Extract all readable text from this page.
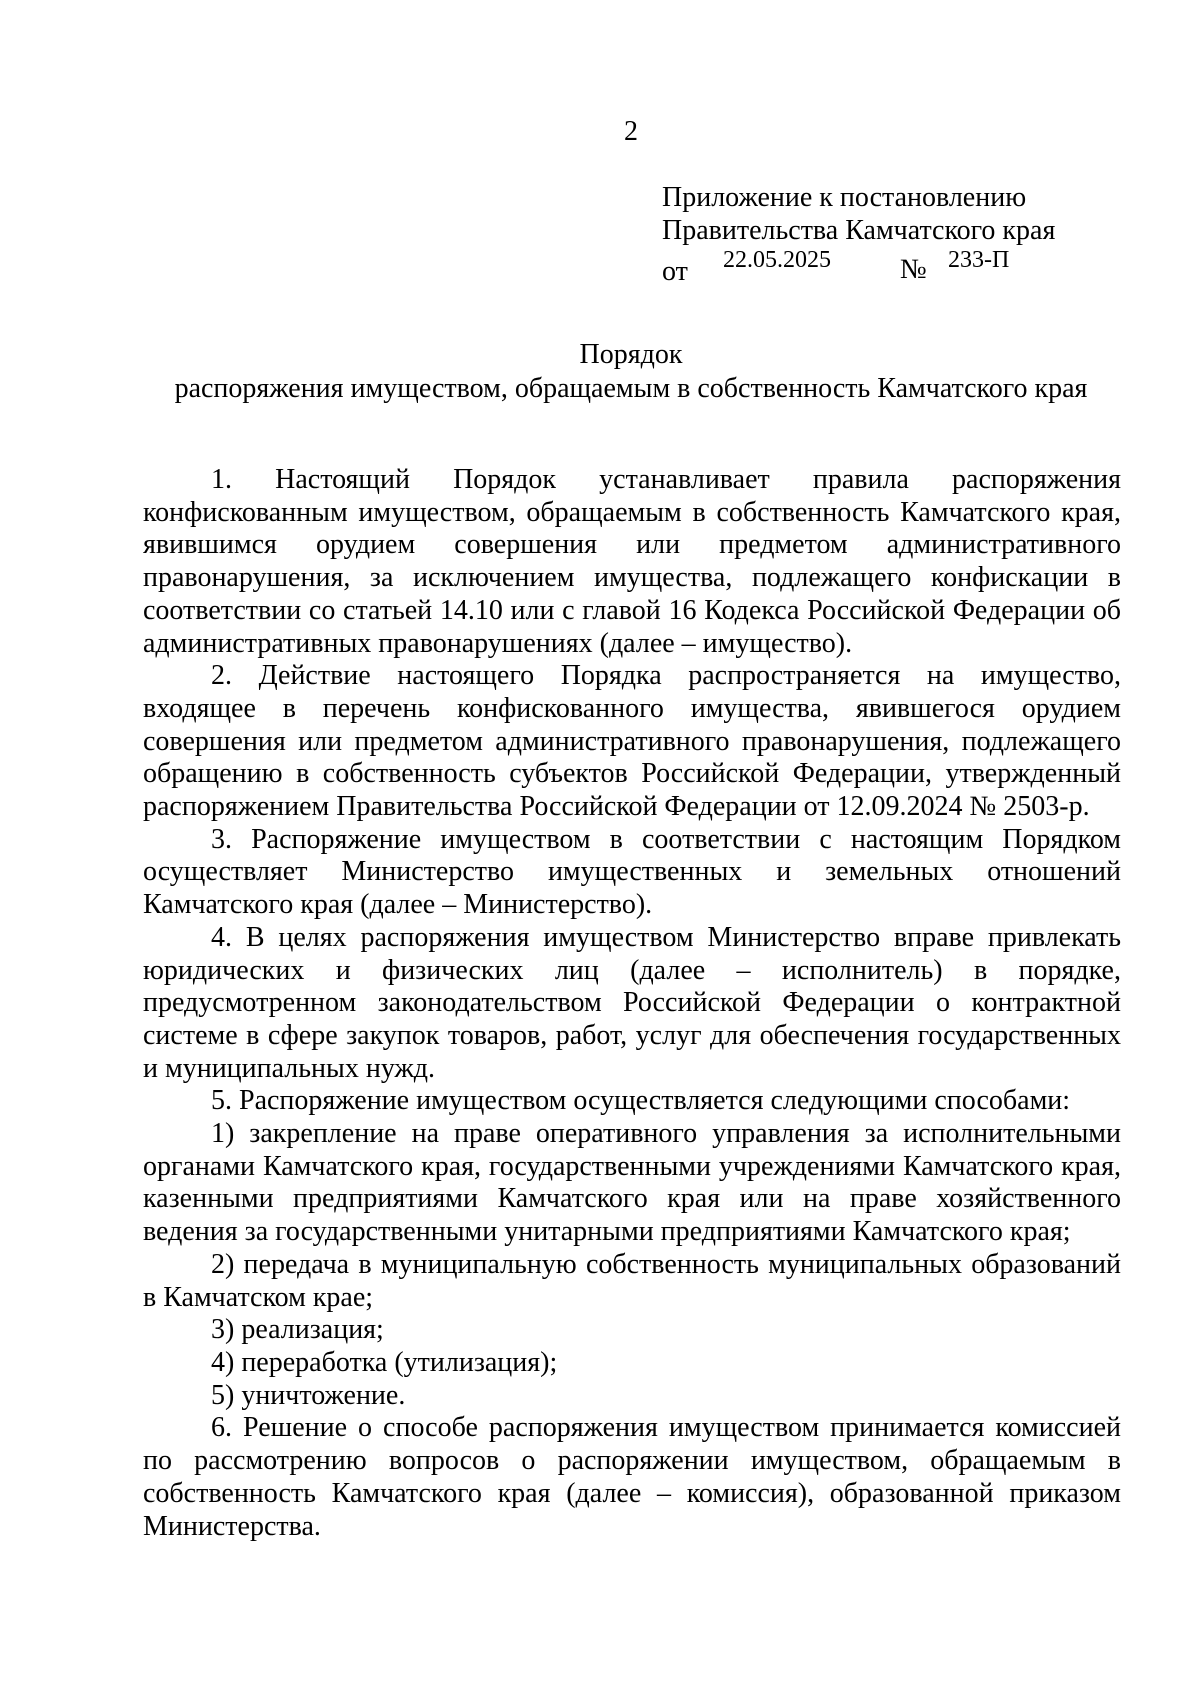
2
Приложение к постановлению
Правительства Камчатского края
от 22.05.2025 № 233-П
Порядок
распоряжения имуществом, обращаемым в собственность Камчатского края

1. Настоящий Порядок устанавливает правила распоряжения конфискованным имуществом, обращаемым в собственность Камчатского края, явившимся орудием совершения или предметом административного правонарушения, за исключением имущества, подлежащего конфискации в соответствии со статьей 14.10 или с главой 16 Кодекса Российской Федерации об административных правонарушениях (далее – имущество).

2. Действие настоящего Порядка распространяется на имущество, входящее в перечень конфискованного имущества, явившегося орудием совершения или предметом административного правонарушения, подлежащего обращению в собственность субъектов Российской Федерации, утвержденный распоряжением Правительства Российской Федерации от 12.09.2024 № 2503-р.

3. Распоряжение имуществом в соответствии с настоящим Порядком осуществляет Министерство имущественных и земельных отношений Камчатского края (далее – Министерство).

4. В целях распоряжения имуществом Министерство вправе привлекать юридических и физических лиц (далее – исполнитель) в порядке, предусмотренном законодательством Российской Федерации о контрактной системе в сфере закупок товаров, работ, услуг для обеспечения государственных и муниципальных нужд.

5. Распоряжение имуществом осуществляется следующими способами:

1) закрепление на праве оперативного управления за исполнительными органами Камчатского края, государственными учреждениями Камчатского края, казенными предприятиями Камчатского края или на праве хозяйственного ведения за государственными унитарными предприятиями Камчатского края;

2) передача в муниципальную собственность муниципальных образований в Камчатском крае;

3) реализация;

4) переработка (утилизация);

5) уничтожение.

6. Решение о способе распоряжения имуществом принимается комиссией по рассмотрению вопросов о распоряжении имуществом, обращаемым в собственность Камчатского края (далее – комиссия), образованной приказом Министерства.
